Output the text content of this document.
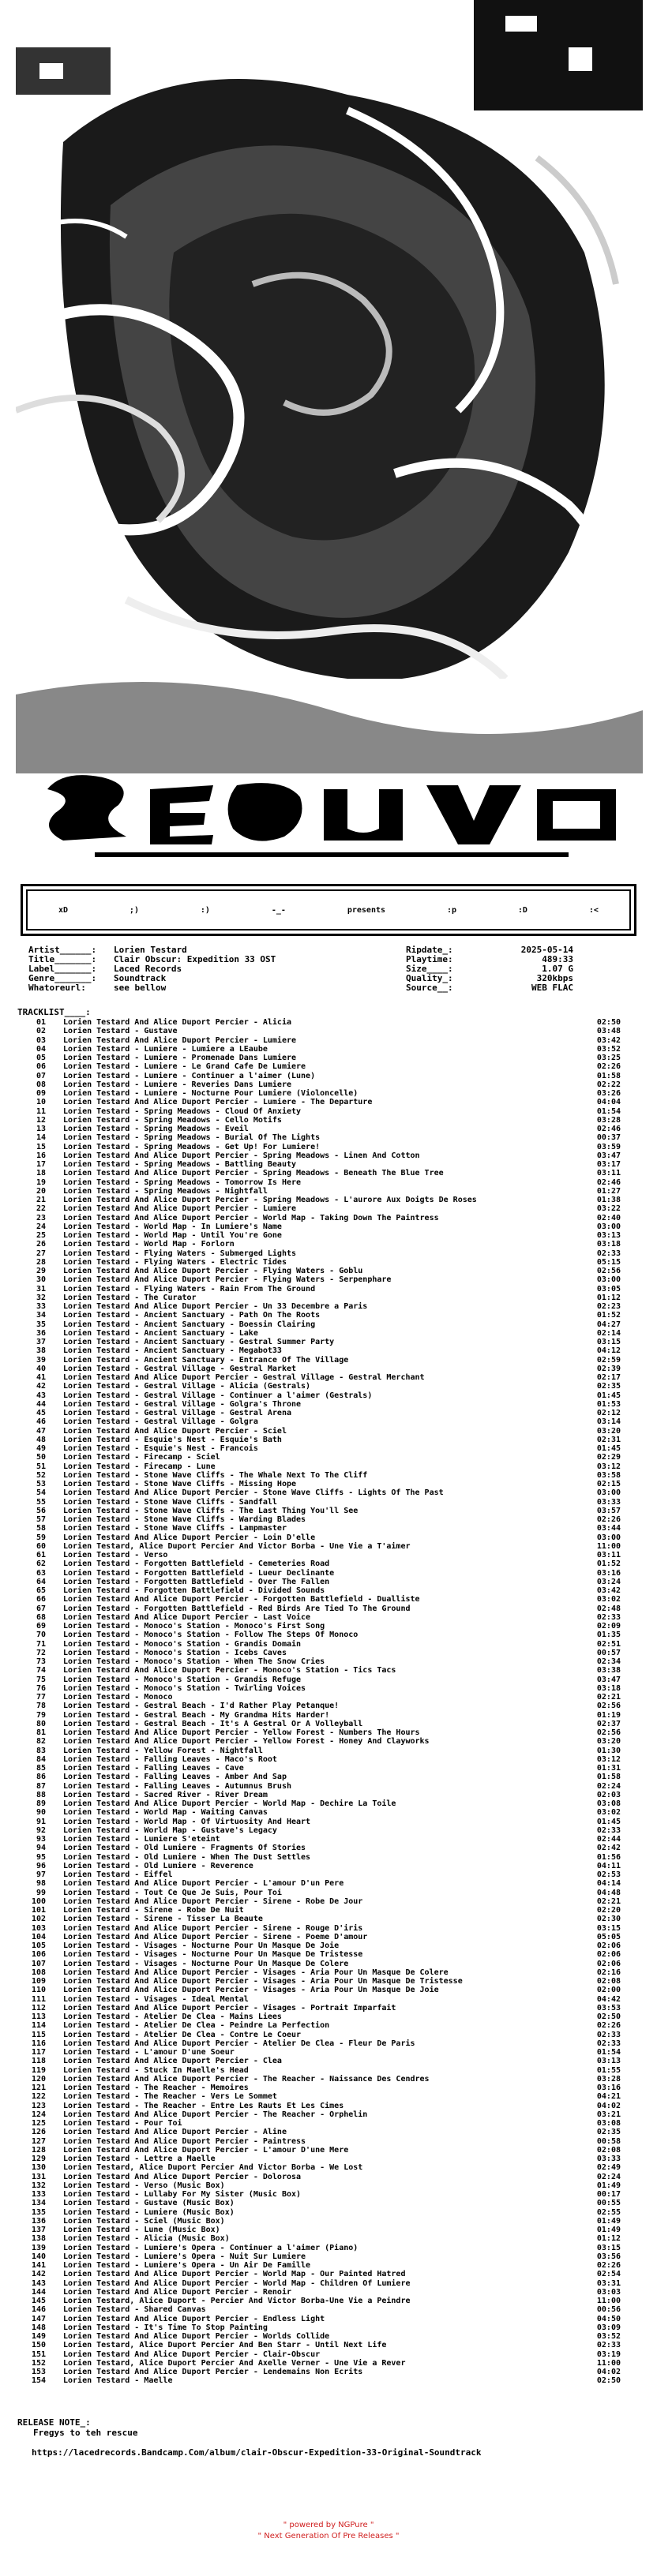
xD	;)	:)	-_-	presents	:p	:D	:<
Artist______:	Lorien Testard
Title_______:	Clair Obscur: Expedition 33 OST
Label_______:	Laced Records
Genre_______:	Soundtrack
Whatoreurl:	see bellow
Ripdate_:	2025-05-14
Playtime:	489:33
Size____:	1.07 G
Quality_:	320kbps
Source__:	WEB FLAC
TRACKLIST____:
01	Lorien Testard And Alice Duport Percier - Alicia	02:50
02	Lorien Testard - Gustave	03:48
03	Lorien Testard And Alice Duport Percier - Lumiere	03:42
04	Lorien Testard - Lumiere - Lumiere a LEaube	03:52
05	Lorien Testard - Lumiere - Promenade Dans Lumiere	03:25
06	Lorien Testard - Lumiere - Le Grand Cafe De Lumiere	02:26
07	Lorien Testard - Lumiere - Continuer a l'aimer (Lune)	01:58
08	Lorien Testard - Lumiere - Reveries Dans Lumiere	02:22
09	Lorien Testard - Lumiere - Nocturne Pour Lumiere (Violoncelle)	03:26
10	Lorien Testard And Alice Duport Percier - Lumiere - The Departure	04:04
11	Lorien Testard - Spring Meadows - Cloud Of Anxiety	01:54
12	Lorien Testard - Spring Meadows - Cello Motifs	03:28
13	Lorien Testard - Spring Meadows - Eveil	02:46
14	Lorien Testard - Spring Meadows - Burial Of The Lights	00:37
15	Lorien Testard - Spring Meadows - Get Up! For Lumiere!	03:59
16	Lorien Testard And Alice Duport Percier - Spring Meadows - Linen And Cotton	03:47
17	Lorien Testard - Spring Meadows - Battling Beauty	03:17
18	Lorien Testard And Alice Duport Percier - Spring Meadows - Beneath The Blue Tree	03:11
19	Lorien Testard - Spring Meadows - Tomorrow Is Here	02:46
20	Lorien Testard - Spring Meadows - Nightfall	01:27
21	Lorien Testard And Alice Duport Percier - Spring Meadows - L'aurore Aux Doigts De Roses	01:38
22	Lorien Testard And Alice Duport Percier - Lumiere	03:22
23	Lorien Testard And Alice Duport Percier - World Map - Taking Down The Paintress	02:40
24	Lorien Testard - World Map - In Lumiere's Name	03:00
25	Lorien Testard - World Map - Until You're Gone	03:13
26	Lorien Testard - World Map - Forlorn	03:18
27	Lorien Testard - Flying Waters - Submerged Lights	02:33
28	Lorien Testard - Flying Waters - Electric Tides	05:15
29	Lorien Testard And Alice Duport Percier - Flying Waters - Goblu	02:56
30	Lorien Testard And Alice Duport Percier - Flying Waters - Serpenphare	03:00
31	Lorien Testard - Flying Waters - Rain From The Ground	03:05
32	Lorien Testard - The Curator	01:12
33	Lorien Testard And Alice Duport Percier - Un 33 Decembre a Paris	02:23
34	Lorien Testard - Ancient Sanctuary - Path On The Roots	01:52
35	Lorien Testard - Ancient Sanctuary - Boessin Clairing	04:27
36	Lorien Testard - Ancient Sanctuary - Lake	02:14
37	Lorien Testard - Ancient Sanctuary - Gestral Summer Party	03:15
38	Lorien Testard - Ancient Sanctuary - Megabot33	04:12
39	Lorien Testard - Ancient Sanctuary - Entrance Of The Village	02:59
40	Lorien Testard - Gestral Village - Gestral Market	02:39
41	Lorien Testard And Alice Duport Percier - Gestral Village - Gestral Merchant	02:17
42	Lorien Testard - Gestral Village - Alicia (Gestrals)	02:35
43	Lorien Testard - Gestral Village - Continuer a l'aimer (Gestrals)	01:45
44	Lorien Testard - Gestral Village - Golgra's Throne	01:53
45	Lorien Testard - Gestral Village - Gestral Arena	02:12
46	Lorien Testard - Gestral Village - Golgra	03:14
47	Lorien Testard And Alice Duport Percier - Sciel	03:20
48	Lorien Testard - Esquie's Nest - Esquie's Bath	02:31
49	Lorien Testard - Esquie's Nest - Francois	01:45
50	Lorien Testard - Firecamp - Sciel	02:29
51	Lorien Testard - Firecamp - Lune	03:12
52	Lorien Testard - Stone Wave Cliffs - The Whale Next To The Cliff	03:58
53	Lorien Testard - Stone Wave Cliffs - Missing Hope	02:15
54	Lorien Testard And Alice Duport Percier - Stone Wave Cliffs - Lights Of The Past	03:00
55	Lorien Testard - Stone Wave Cliffs - Sandfall	03:33
56	Lorien Testard - Stone Wave Cliffs - The Last Thing You'll See	03:57
57	Lorien Testard - Stone Wave Cliffs - Warding Blades	02:26
58	Lorien Testard - Stone Wave Cliffs - Lampmaster	03:44
59	Lorien Testard And Alice Duport Percier - Loin D'elle	03:00
60	Lorien Testard, Alice Duport Percier And Victor Borba - Une Vie a T'aimer	11:00
61	Lorien Testard - Verso	03:11
62	Lorien Testard - Forgotten Battlefield - Cemeteries Road	01:52
63	Lorien Testard - Forgotten Battlefield - Lueur Declinante	03:16
64	Lorien Testard - Forgotten Battlefield - Over The Fallen	03:24
65	Lorien Testard - Forgotten Battlefield - Divided Sounds	03:42
66	Lorien Testard And Alice Duport Percier - Forgotten Battlefield - Dualliste	03:02
67	Lorien Testard - Forgotten Battlefield - Red Birds Are Tied To The Ground	02:48
68	Lorien Testard And Alice Duport Percier - Last Voice	02:33
69	Lorien Testard - Monoco's Station - Monoco's First Song	02:09
70	Lorien Testard - Monoco's Station - Follow The Steps Of Monoco	01:35
71	Lorien Testard - Monoco's Station - Grandis Domain	02:51
72	Lorien Testard - Monoco's Station - Icebs Caves	00:57
73	Lorien Testard - Monoco's Station - When The Snow Cries	02:34
74	Lorien Testard And Alice Duport Percier - Monoco's Station - Tics Tacs	03:38
75	Lorien Testard - Monoco's Station - Grandis Refuge	03:47
76	Lorien Testard - Monoco's Station - Twirling Voices	03:18
77	Lorien Testard - Monoco	02:21
78	Lorien Testard - Gestral Beach - I'd Rather Play Petanque!	02:56
79	Lorien Testard - Gestral Beach - My Grandma Hits Harder!	01:19
80	Lorien Testard - Gestral Beach - It's A Gestral Or A Volleyball	02:37
81	Lorien Testard And Alice Duport Percier - Yellow Forest - Numbers The Hours	02:56
82	Lorien Testard And Alice Duport Percier - Yellow Forest - Honey And Clayworks	03:20
83	Lorien Testard - Yellow Forest - Nightfall	01:30
84	Lorien Testard - Falling Leaves - Maco's Root	03:12
85	Lorien Testard - Falling Leaves - Cave	01:31
86	Lorien Testard - Falling Leaves - Amber And Sap	01:58
87	Lorien Testard - Falling Leaves - Autumnus Brush	02:24
88	Lorien Testard - Sacred River - River Dream	02:03
89	Lorien Testard And Alice Duport Percier - World Map - Dechire La Toile	03:08
90	Lorien Testard - World Map - Waiting Canvas	03:02
91	Lorien Testard - World Map - Of Virtuosity And Heart	01:45
92	Lorien Testard - World Map - Gustave's Legacy	02:33
93	Lorien Testard - Lumiere S'eteint	02:44
94	Lorien Testard - Old Lumiere - Fragments Of Stories	02:42
95	Lorien Testard - Old Lumiere - When The Dust Settles	01:56
96	Lorien Testard - Old Lumiere - Reverence	04:11
97	Lorien Testard - Eiffel	02:53
98	Lorien Testard And Alice Duport Percier - L'amour D'un Pere	04:14
99	Lorien Testard - Tout Ce Que Je Suis, Pour Toi	04:48
100	Lorien Testard And Alice Duport Percier - Sirene - Robe De Jour	02:21
101	Lorien Testard - Sirene - Robe De Nuit	02:20
102	Lorien Testard - Sirene - Tisser La Beaute	02:30
103	Lorien Testard And Alice Duport Percier - Sirene - Rouge D'iris	03:15
104	Lorien Testard And Alice Duport Percier - Sirene - Poeme D'amour	05:05
105	Lorien Testard - Visages - Nocturne Pour Un Masque De Joie	02:06
106	Lorien Testard - Visages - Nocturne Pour Un Masque De Tristesse	02:06
107	Lorien Testard - Visages - Nocturne Pour Un Masque De Colere	02:06
108	Lorien Testard And Alice Duport Percier - Visages - Aria Pour Un Masque De Colere	02:16
109	Lorien Testard And Alice Duport Percier - Visages - Aria Pour Un Masque De Tristesse	02:08
110	Lorien Testard And Alice Duport Percier - Visages - Aria Pour Un Masque De Joie	02:00
111	Lorien Testard - Visages - Ideal Mental	04:42
112	Lorien Testard And Alice Duport Percier - Visages - Portrait Imparfait	03:53
113	Lorien Testard - Atelier De Clea - Mains Liees	02:50
114	Lorien Testard - Atelier De Clea - Peindre La Perfection	02:26
115	Lorien Testard - Atelier De Clea - Contre Le Coeur	02:33
116	Lorien Testard And Alice Duport Percier - Atelier De Clea - Fleur De Paris	02:33
117	Lorien Testard - L'amour D'une Soeur	01:54
118	Lorien Testard And Alice Duport Percier - Clea	03:13
119	Lorien Testard - Stuck In Maelle's Head	01:55
120	Lorien Testard And Alice Duport Percier - The Reacher - Naissance Des Cendres	03:28
121	Lorien Testard - The Reacher - Memoires	03:16
122	Lorien Testard - The Reacher - Vers Le Sommet	04:21
123	Lorien Testard - The Reacher - Entre Les Rauts Et Les Cimes	04:02
124	Lorien Testard And Alice Duport Percier - The Reacher - Orphelin	03:21
125	Lorien Testard - Pour Toi	03:08
126	Lorien Testard And Alice Duport Percier - Aline	02:35
127	Lorien Testard And Alice Duport Percier - Paintress	00:58
128	Lorien Testard And Alice Duport Percier - L'amour D'une Mere	02:08
129	Lorien Testard - Lettre a Maelle	03:33
130	Lorien Testard, Alice Duport Percier And Victor Borba - We Lost	02:49
131	Lorien Testard And Alice Duport Percier - Dolorosa	02:24
132	Lorien Testard - Verso (Music Box)	01:49
133	Lorien Testard - Lullaby For My Sister (Music Box)	00:17
134	Lorien Testard - Gustave (Music Box)	00:55
135	Lorien Testard - Lumiere (Music Box)	02:55
136	Lorien Testard - Sciel (Music Box)	01:49
137	Lorien Testard - Lune (Music Box)	01:49
138	Lorien Testard - Alicia (Music Box)	01:12
139	Lorien Testard - Lumiere's Opera - Continuer a l'aimer (Piano)	03:15
140	Lorien Testard - Lumiere's Opera - Nuit Sur Lumiere	03:56
141	Lorien Testard - Lumiere's Opera - Un Air De Famille	02:26
142	Lorien Testard And Alice Duport Percier - World Map - Our Painted Hatred	02:54
143	Lorien Testard And Alice Duport Percier - World Map - Children Of Lumiere	03:31
144	Lorien Testard And Alice Duport Percier - Renoir	03:03
145	Lorien Testard, Alice Duport - Percier And Victor Borba-Une Vie a Peindre	11:00
146	Lorien Testard - Shared Canvas	00:56
147	Lorien Testard And Alice Duport Percier - Endless Light	04:50
148	Lorien Testard - It's Time To Stop Painting	03:09
149	Lorien Testard And Alice Duport Percier - Worlds Collide	03:52
150	Lorien Testard, Alice Duport Percier And Ben Starr - Until Next Life	02:33
151	Lorien Testard And Alice Duport Percier - Clair-Obscur	03:19
152	Lorien Testard, Alice Duport Percier And Axelle Verner - Une Vie a Rever	11:00
153	Lorien Testard And Alice Duport Percier - Lendemains Non Ecrits	04:02
154	Lorien Testard - Maelle	02:50
RELEASE NOTE_:
Fregys to teh rescue
https://lacedrecords.Bandcamp.Com/album/clair-Obscur-Expedition-33-Original-Soundtrack
" powered by NGPure "
" Next Generation Of Pre Releases "
